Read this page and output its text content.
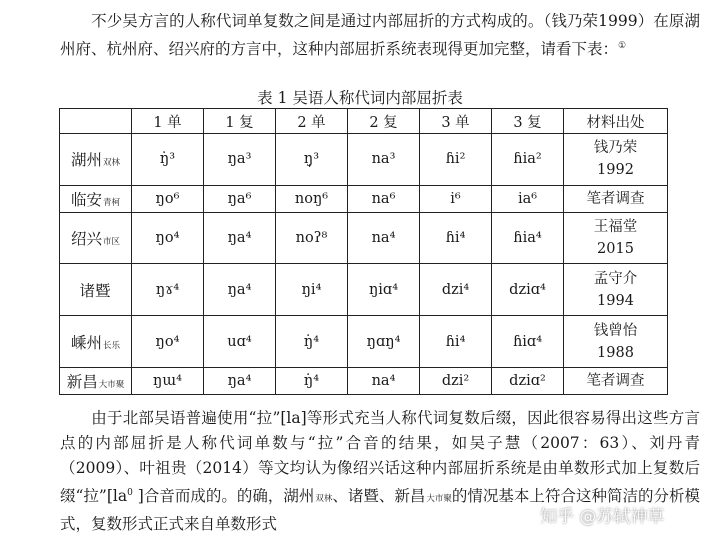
不少吴方言的人称代词单复数之间是通过内部屈折的方式构成的。（钱乃荣1999）在原湖州府、杭州府、绍兴府的方言中，这种内部屈折系统表现得更加完整，请看下表：①
表 1 吴语人称代词内部屈折表
	1 单	1 复	2 单	2 复	3 单	3 复	材料出处
湖州双林	ŋ̇³	ŋa³	ŋ̩³	na³	ɦi²	ɦia²	钱乃荣
1992

临安青柯	ŋo⁶	ŋa⁶	noŋ⁶	na⁶	i⁶	ia⁶	笔者调查

绍兴市区	ŋo⁴	ŋa⁴	noʔ⁸	na⁴	ɦi⁴	ɦia⁴	王福堂
2015

诸暨	ŋɤ⁴	ŋa⁴	ŋi⁴	ŋiɑ⁴	dzi⁴	dziɑ⁴	孟守介
1994

嵊州长乐	ŋo⁴	uɑ⁴	ŋ̇⁴	ŋɑŋ⁴	ɦi⁴	ɦiɑ⁴	钱曾怡
1988

新昌大市聚	ŋɯ⁴	ŋa⁴	ŋ̇⁴	na⁴	dzi²	dziɑ²	笔者调查
由于北部吴语普遍使用“拉”[la]等形式充当人称代词复数后缀，因此很容易得出这些方言点的内部屈折是人称代词单数与“拉”合音的结果，如吴子慧（2007：63）、刘丹青（2009）、叶祖贵（2014）等文均认为像绍兴话这种内部屈折系统是由单数形式加上复数后缀“拉$”[la^0$ ]合音而成的。的确，湖州双林、诸暨、新昌大市聚的情况基本上符合这种简洁的分析模式，复数形式正式来自单数形式	知乎 @苏轼神草
